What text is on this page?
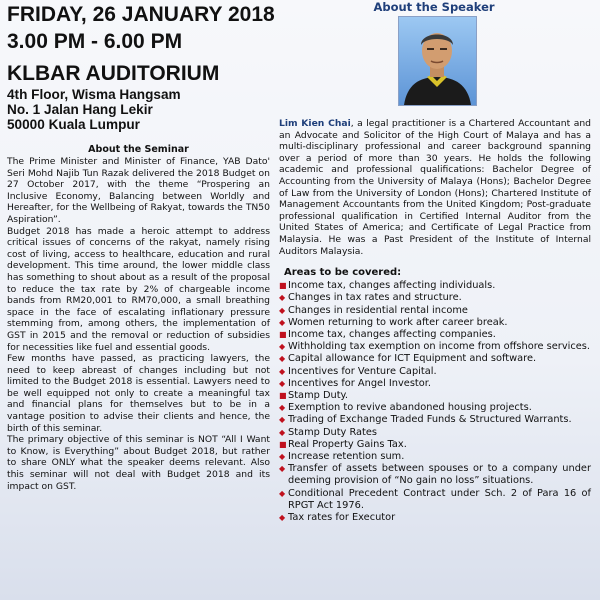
FRIDAY, 26 JANUARY 2018
3.00 PM - 6.00 PM
KLBAR AUDITORIUM
4th Floor, Wisma Hangsam
No. 1 Jalan Hang Lekir
50000 Kuala Lumpur
About the Seminar

The Prime Minister and Minister of Finance, YAB Dato' Seri Mohd Najib Tun Razak delivered the 2018 Budget on 27 October 2017, with the theme “Prospering an Inclusive Economy, Balancing between Worldly and Hereafter, for the Wellbeing of Rakyat, towards the TN50 Aspiration”.

Budget 2018 has made a heroic attempt to address critical issues of concerns of the rakyat, namely rising cost of living, access to healthcare, education and rural development. This time around, the lower middle class has something to shout about as a result of the proposal to reduce the tax rate by 2% of chargeable income bands from RM20,001 to RM70,000, a small breathing space in the face of escalating inflationary pressure stemming from, among others, the implementation of GST in 2015 and the removal or reduction of subsidies for necessities like fuel and essential goods.

Few months have passed, as practicing lawyers, the need to keep abreast of changes including but not limited to the Budget 2018 is essential. Lawyers need to be well equipped not only to create a meaningful tax and financial plans for themselves but to be in a vantage position to advise their clients and hence, the birth of this seminar.

The primary objective of this seminar is NOT “All I Want to Know, is Everything” about Budget 2018, but rather to share ONLY what the speaker deems relevant. Also this seminar will not deal with Budget 2018 and its impact on GST.

About the Speaker
Lim Kien Chai, a legal practitioner is a Chartered Accountant and an Advocate and Solicitor of the High Court of Malaya and has a multi-disciplinary professional and career background spanning over a period of more than 30 years. He holds the following academic and professional qualifications: Bachelor Degree of Accounting from the University of Malaya (Hons); Bachelor Degree of Law from the University of London (Hons); Chartered Institute of Management Accountants from the United Kingdom; Post-graduate professional qualification in Certified Internal Auditor from the United States of America; and Certificate of Legal Practice from Malaysia. He was a Past President of the Institute of Internal Auditors Malaysia.
Areas to be covered:
■ Income tax, changes affecting individuals.
◆ Changes in tax rates and structure.
◆ Changes in residential rental income
◆ Women returning to work after career break.
■ Income tax, changes affecting companies.
◆ Withholding tax exemption on income from offshore services.
◆ Capital allowance for ICT Equipment and software.
◆ Incentives for Venture Capital.
◆ Incentives for Angel Investor.
■ Stamp Duty.
◆ Exemption to revive abandoned housing projects.
◆ Trading of Exchange Traded Funds & Structured Warrants.
◆ Stamp Duty Rates
■ Real Property Gains Tax.
◆ Increase retention sum.
◆ Transfer of assets between spouses or to a company under deeming provision of “No gain no loss” situations.
◆ Conditional Precedent Contract under Sch. 2 of Para 16 of RPGT Act 1976.
◆ Tax rates for Executor
